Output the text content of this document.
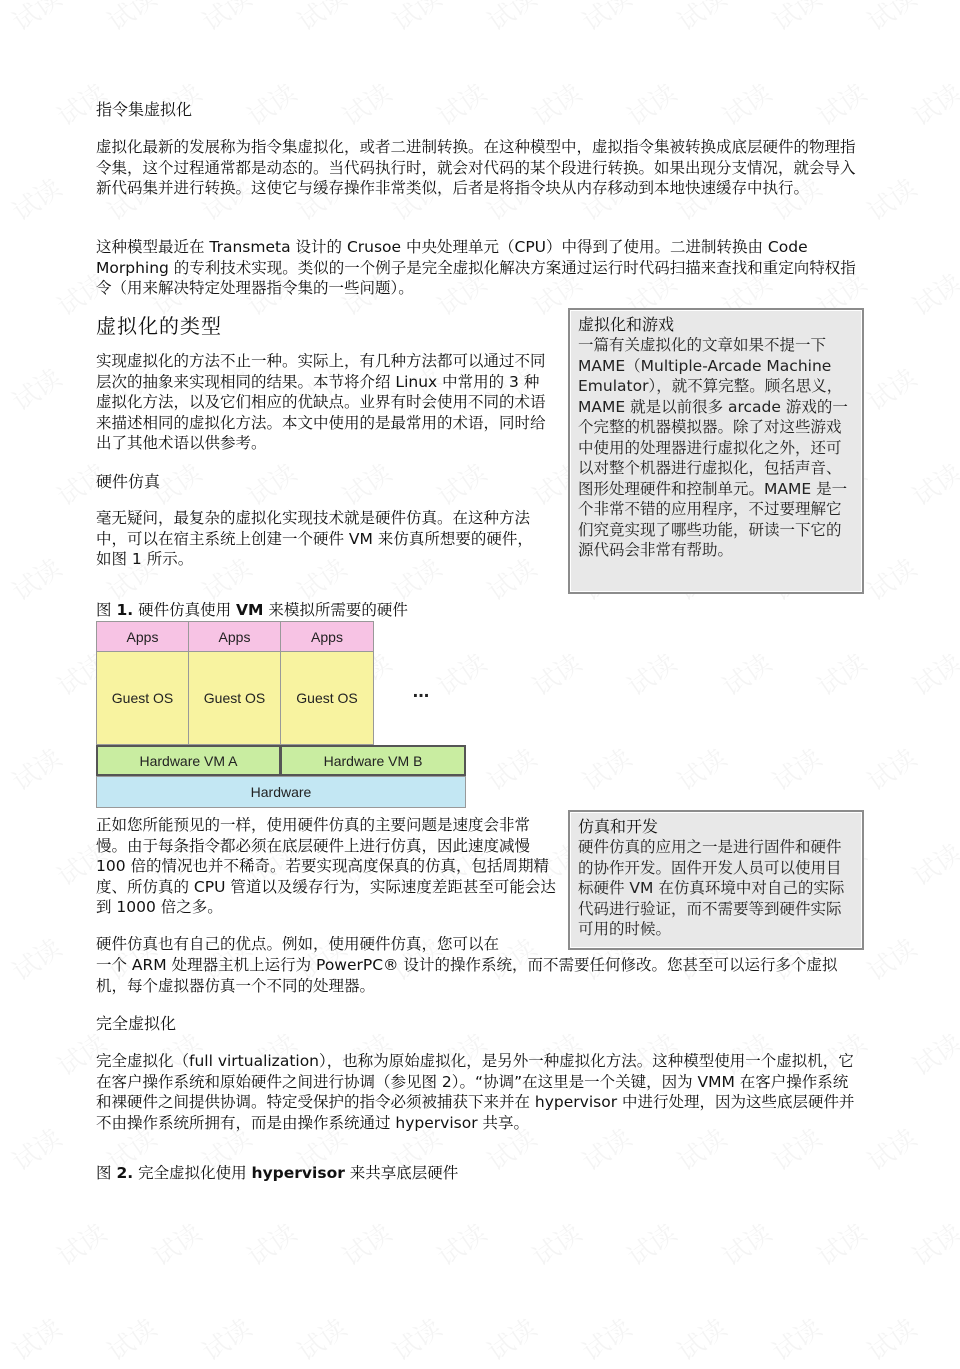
指令集虚拟化
虚拟化最新的发展称为指令集虚拟化，或者二进制转换。在这种模型中，虚拟指令集被转换成底层硬件的物理指令集，这个过程通常都是动态的。当代码执行时，就会对代码的某个段进行转换。如果出现分支情况，就会导入新代码集并进行转换。这使它与缓存操作非常类似，后者是将指令块从内存移动到本地快速缓存中执行。
这种模型最近在 Transmeta 设计的 Crusoe 中央处理单元（CPU）中得到了使用。二进制转换由 Code Morphing 的专利技术实现。类似的一个例子是完全虚拟化解决方案通过运行时代码扫描来查找和重定向特权指令（用来解决特定处理器指令集的一些问题）。
虚拟化的类型
实现虚拟化的方法不止一种。实际上，有几种方法都可以通过不同层次的抽象来实现相同的结果。本节将介绍 Linux 中常用的 3 种虚拟化方法，以及它们相应的优缺点。业界有时会使用不同的术语来描述相同的虚拟化方法。本文中使用的是最常用的术语，同时给出了其他术语以供参考。
虚拟化和游戏
一篇有关虚拟化的文章如果不提一下 MAME（Multiple-Arcade Machine Emulator），就不算完整。顾名思义，MAME 就是以前很多 arcade 游戏的一个完整的机器模拟器。除了对这些游戏中使用的处理器进行虚拟化之外，还可以对整个机器进行虚拟化，包括声音、图形处理硬件和控制单元。MAME 是一个非常不错的应用程序，不过要理解它们究竟实现了哪些功能，研读一下它的源代码会非常有帮助。
硬件仿真
毫无疑问，最复杂的虚拟化实现技术就是硬件仿真。在这种方法中，可以在宿主系统上创建一个硬件 VM 来仿真所想要的硬件，如图 1 所示。
图 1. 硬件仿真使用 VM 来模拟所需要的硬件
Apps	Apps	Apps
Guest OS	Guest OS	Guest OS	...
Hardware VM A	Hardware VM B
Hardware
正如您所能预见的一样，使用硬件仿真的主要问题是速度会非常慢。由于每条指令都必须在底层硬件上进行仿真，因此速度减慢 100 倍的情况也并不稀奇。若要实现高度保真的仿真，包括周期精度、所仿真的 CPU 管道以及缓存行为，实际速度差距甚至可能会达到 1000 倍之多。
仿真和开发
硬件仿真的应用之一是进行固件和硬件的协作开发。固件开发人员可以使用目标硬件 VM 在仿真环境中对自己的实际代码进行验证，而不需要等到硬件实际可用的时候。
硬件仿真也有自己的优点。例如，使用硬件仿真，您可以在
一个 ARM 处理器主机上运行为 PowerPC® 设计的操作系统，而不需要任何修改。您甚至可以运行多个虚拟机，每个虚拟器仿真一个不同的处理器。
完全虚拟化
完全虚拟化（full virtualization），也称为原始虚拟化，是另外一种虚拟化方法。这种模型使用一个虚拟机，它在客户操作系统和原始硬件之间进行协调（参见图 2）。“协调”在这里是一个关键，因为 VMM 在客户操作系统和裸硬件之间提供协调。特定受保护的指令必须被捕获下来并在 hypervisor 中进行处理，因为这些底层硬件并不由操作系统所拥有，而是由操作系统通过 hypervisor 共享。
图 2. 完全虚拟化使用 hypervisor 来共享底层硬件
